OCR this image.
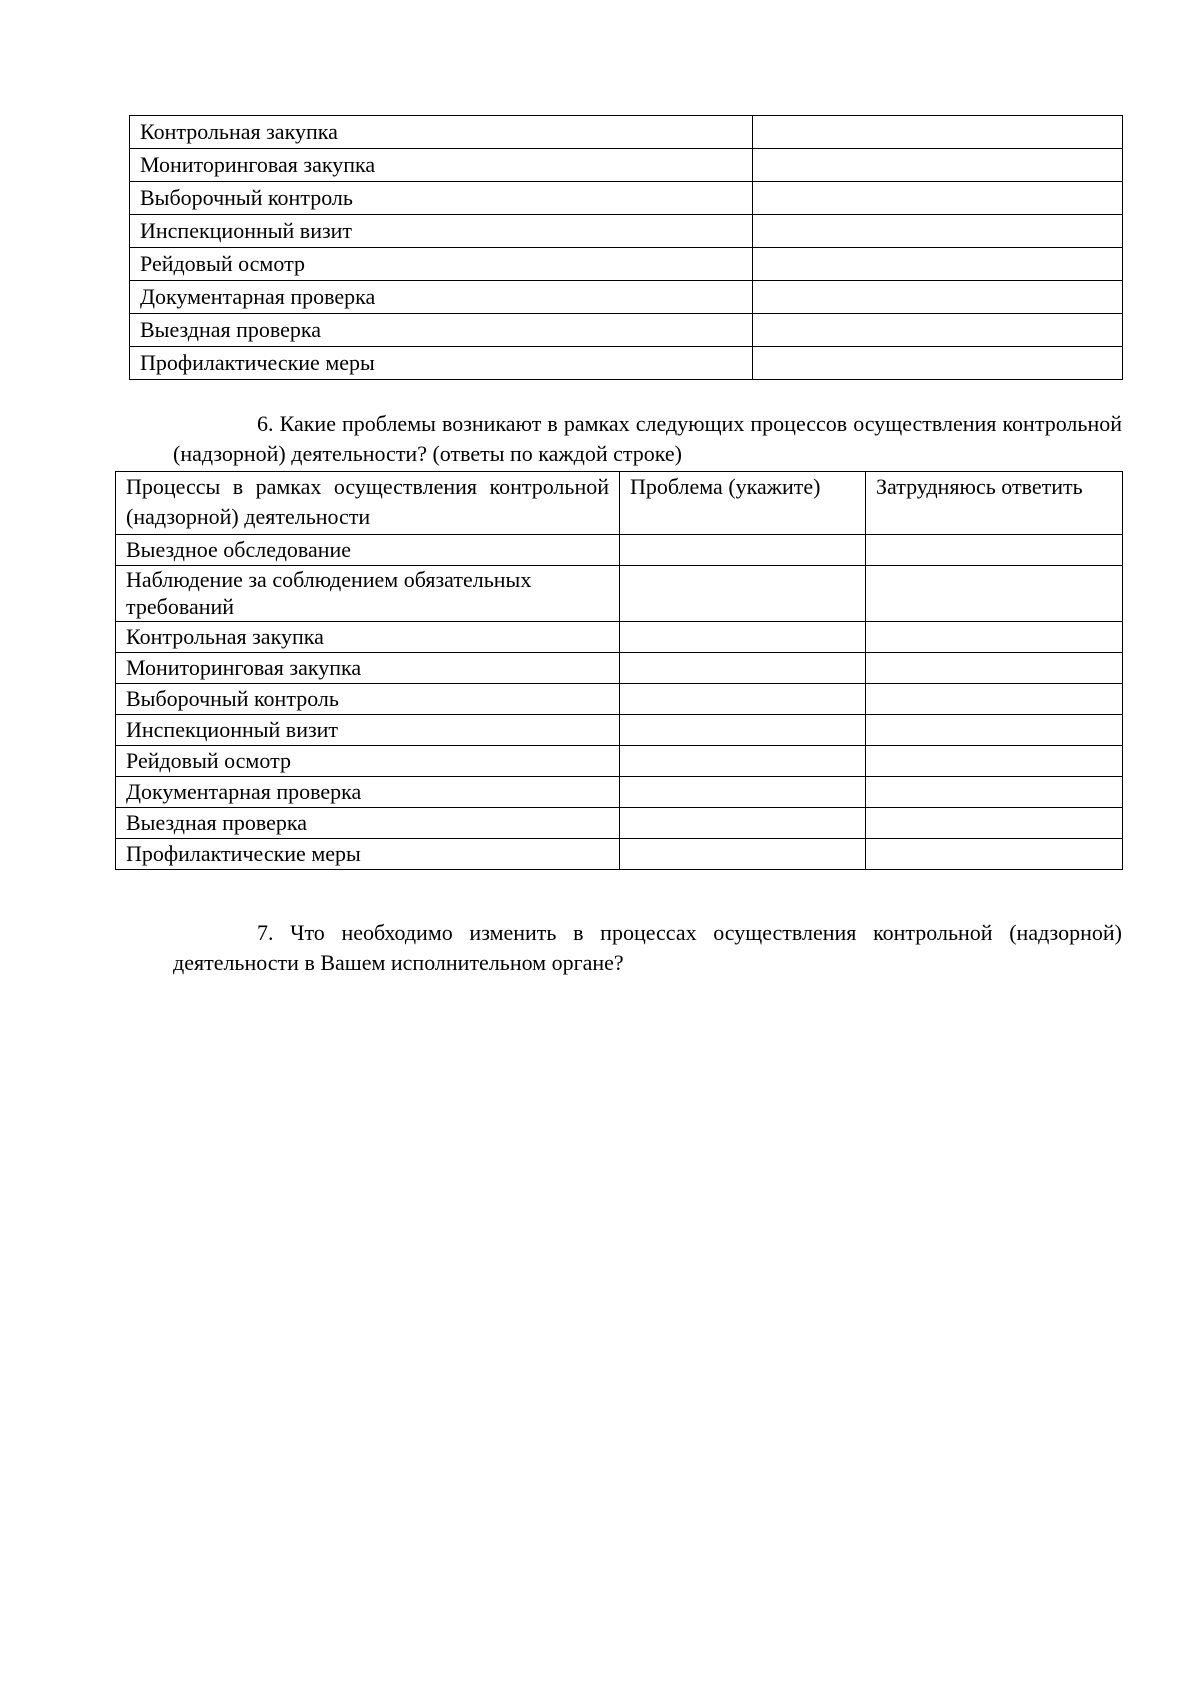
Контрольная закупка	
Мониторинговая закупка	
Выборочный контроль	
Инспекционный визит	
Рейдовый осмотр	
Документарная проверка	
Выездная проверка	
Профилактические меры	

6. Какие проблемы возникают в рамках следующих процессов осуществления контрольной (надзорной) деятельности? (ответы по каждой строке)

Процессы в рамках осуществления контрольной (надзорной) деятельности	Проблема (укажите)	Затрудняюсь ответить
Выездное обследование		
Наблюдение за соблюдением обязательных требований		
Контрольная закупка		
Мониторинговая закупка		
Выборочный контроль		
Инспекционный визит		
Рейдовый осмотр		
Документарная проверка		
Выездная проверка		
Профилактические меры		

7. Что необходимо изменить в процессах осуществления контрольной (надзорной) деятельности в Вашем исполнительном органе?
